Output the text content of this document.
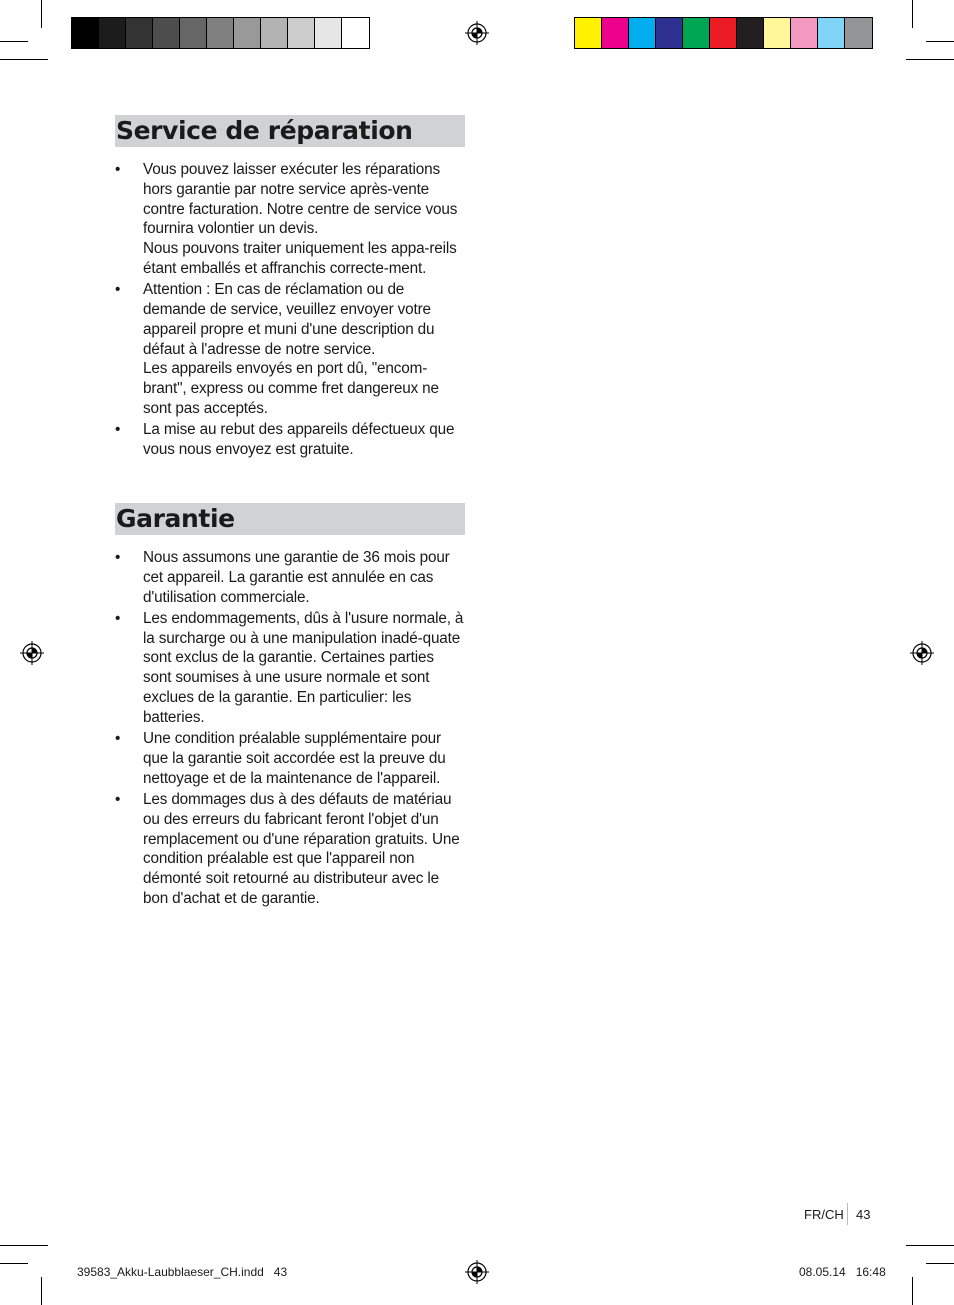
Service de réparation
• Vous pouvez laisser exécuter les réparations hors garantie par notre service après-vente contre facturation. Notre centre de service vous fournira volontier un devis.
Nous pouvons traiter uniquement les appa-reils étant emballés et affranchis correcte-ment.
• Attention : En cas de réclamation ou de demande de service, veuillez envoyer votre appareil propre et muni d'une description du défaut à l'adresse de notre service.
Les appareils envoyés en port dû, "encom-brant", express ou comme fret dangereux ne sont pas acceptés.
• La mise au rebut des appareils défectueux que vous nous envoyez est gratuite.
Garantie
• Nous assumons une garantie de 36 mois pour cet appareil. La garantie est annulée en cas d'utilisation commerciale.
• Les endommagements, dûs à l'usure normale, à la surcharge ou à une manipulation inadé-quate sont exclus de la garantie. Certaines parties sont soumises à une usure normale et sont exclues de la garantie. En particulier: les batteries.
• Une condition préalable supplémentaire pour que la garantie soit accordée est la preuve du nettoyage et de la maintenance de l'appareil.
• Les dommages dus à des défauts de matériau ou des erreurs du fabricant feront l'objet d'un remplacement ou d'une réparation gratuits. Une condition préalable est que l'appareil non démonté soit retourné au distributeur avec le bon d'achat et de garantie.
FR/CH 43
39583_Akku-Laubblaeser_CH.indd   43	08.05.14   16:48
